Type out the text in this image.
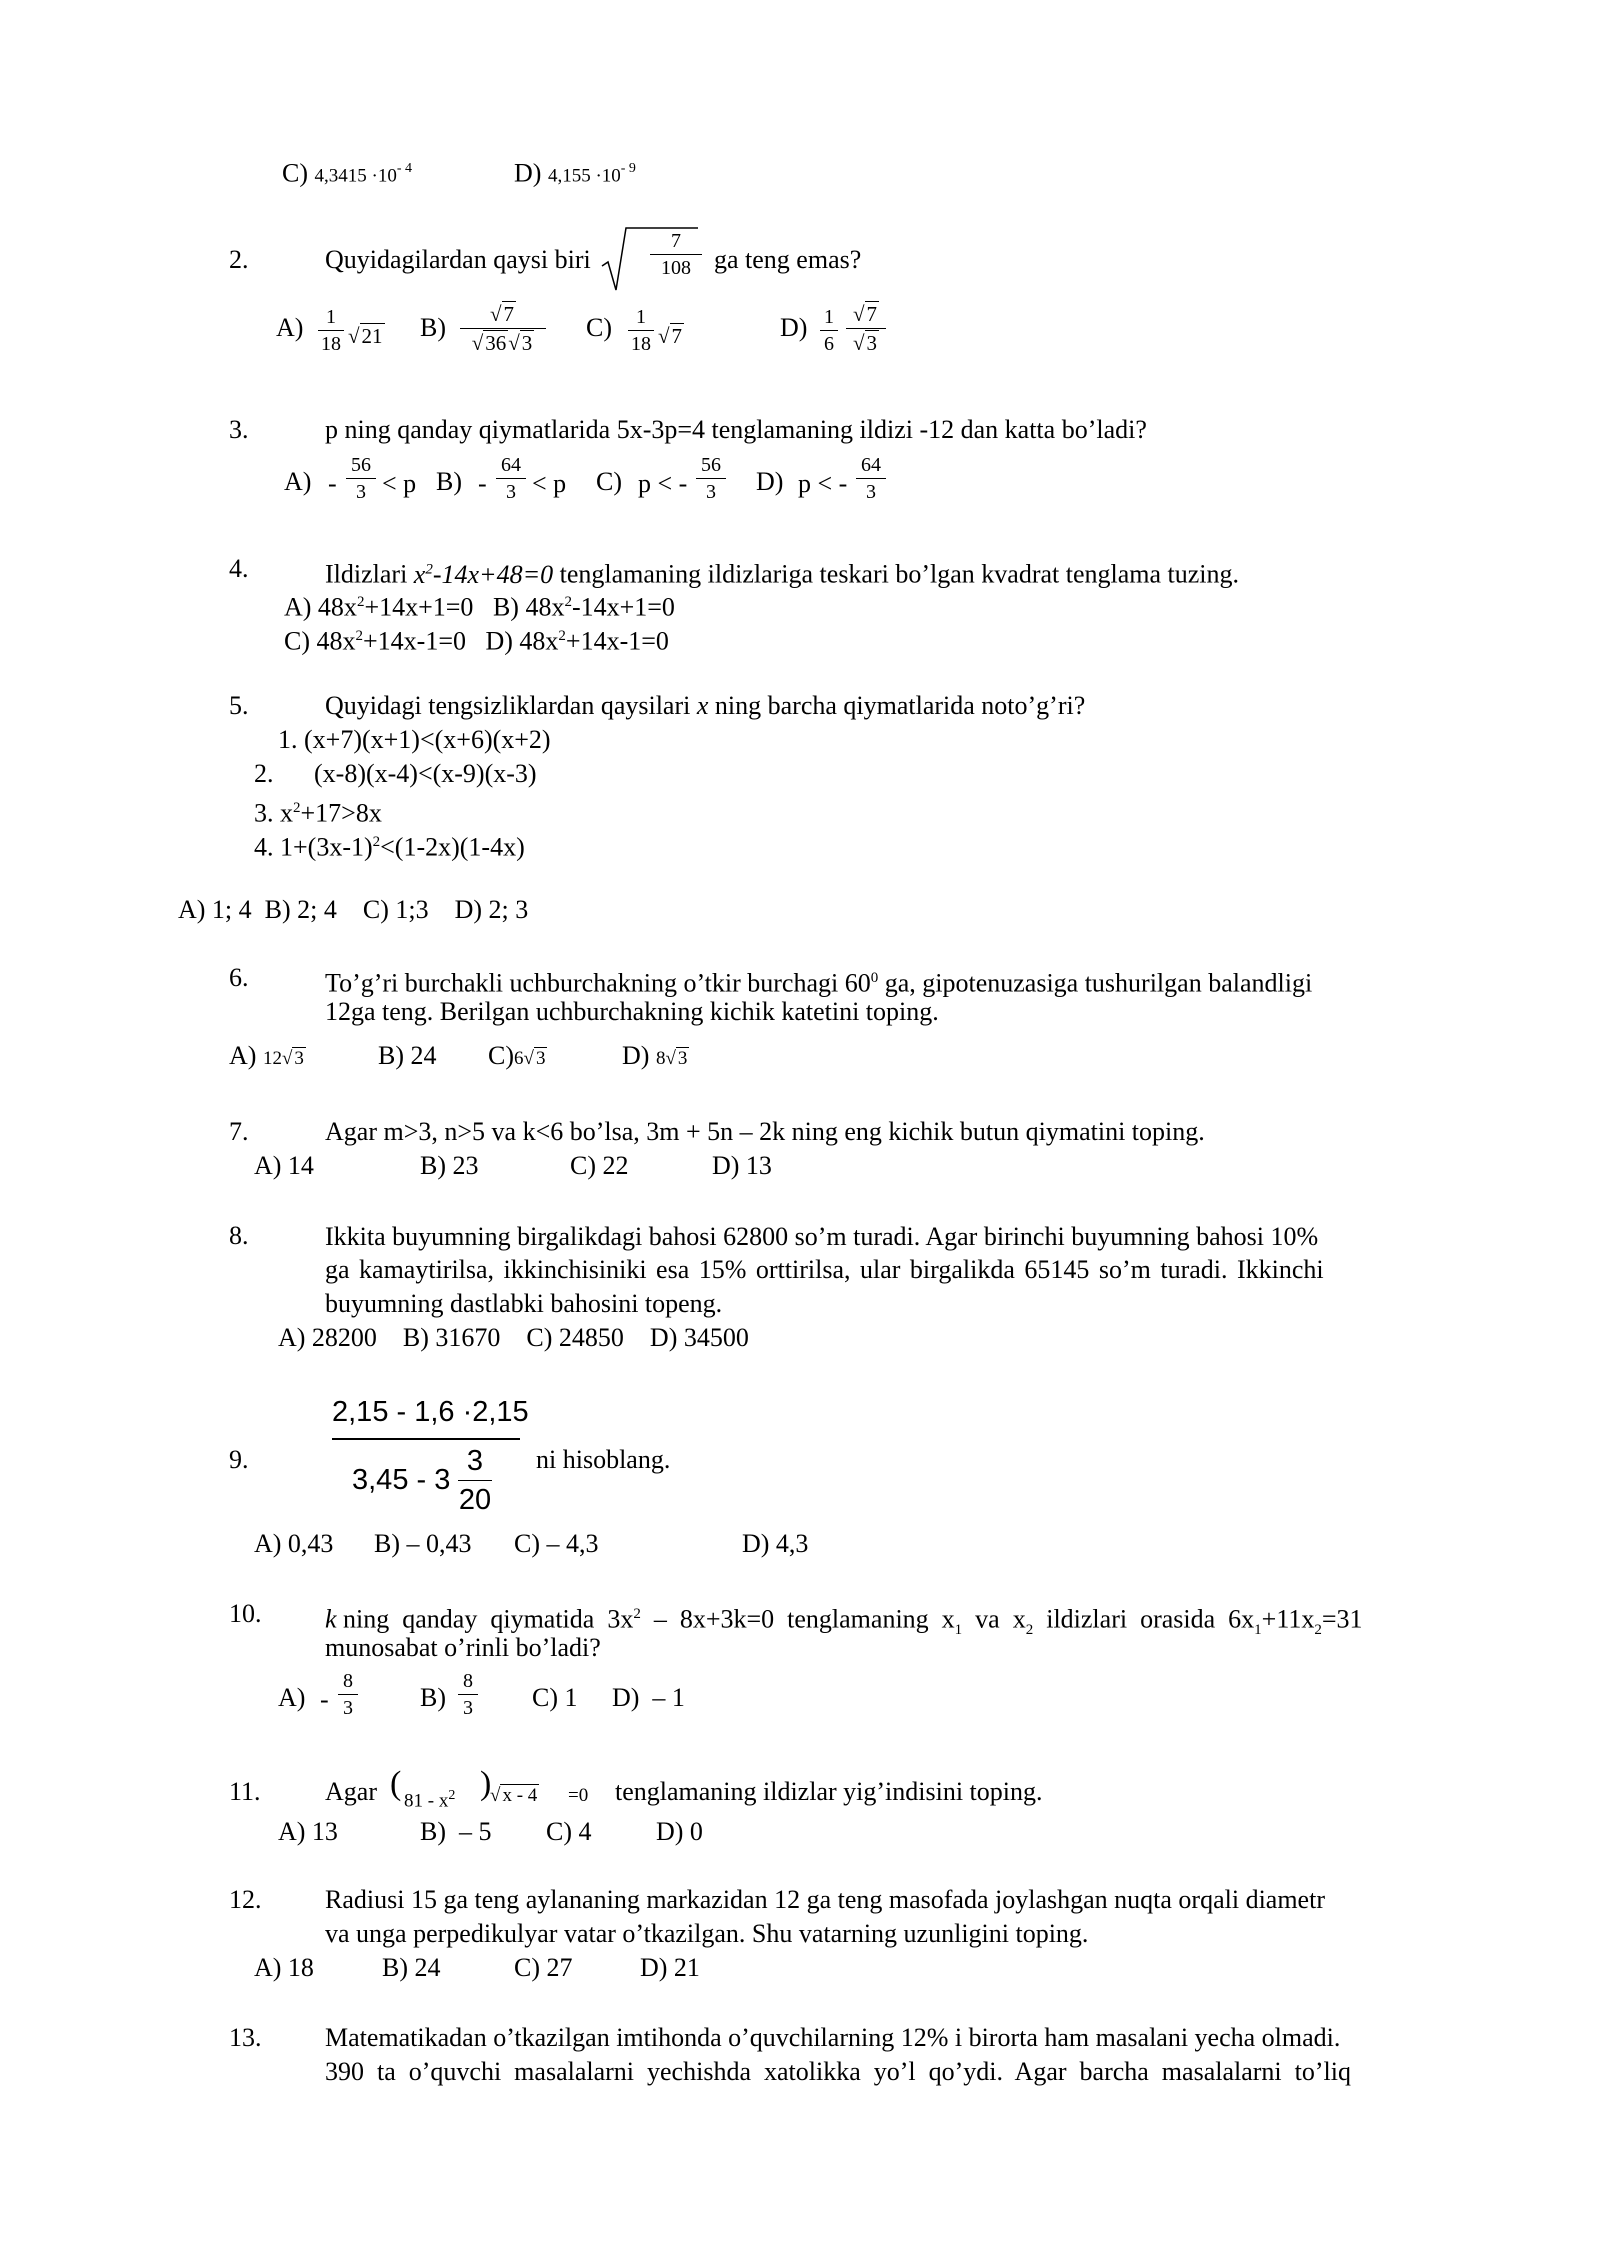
C) $4,3415 \cdot 10^{- 4}$	D) $4,155 \cdot 10^{- 9}$
2.	Quyidagilardan qaysi biri
7
108 ga teng emas?
A)	1
18 √21 B)	√7
√36√3
C)	1
18 √7	D) 1
6
√7
√3
3.	p ning qanday qiymatlarida 5x-3p=4 tenglamaning ildizi -12 dan katta bo’ladi?
A) -
56
3 < p B) -
64
3 < p C) p < -
56
3	D) p < -
64
3
4.	Ildizlari $x^2-14x+48=0$ tenglamaning ildizlariga teskari bo’lgan kvadrat tenglama tuzing.
A) $48x^2+14x+1=0$ B) $48x^2-14x+1=0$
C) $48x^2+14x-1=0$ D) $48x^2+14x-1=0$
5.	Quyidagi tengsizliklardan qaysilari x ning barcha qiymatlarida noto’g’ri?
1. (x+7)(x+1)<(x+6)(x+2)
2. (x-8)(x-4)<(x-9)(x-3)
3. $x^2+17>8x$
4. $1+(3x-1)^2<(1-2x)(1-4x)$
A) 1; 4  B) 2; 4    C) 1;3    D) 2; 3
6.	To’g’ri burchakli uchburchakning o’tkir burchagi $60^0$ ga, gipotenuzasiga tushurilgan balandligi
12ga teng. Berilgan uchburchakning kichik katetini toping.
A) 12√ 3	B) 24 C)6√ 3	D) 8√ 3
7.	Agar m>3, n>5 va k<6 bo’lsa, 3m + 5n – 2k ning eng kichik butun qiymatini toping.
A) 14	B) 23	C) 22	D) 13
8.	Ikkita buyumning birgalikdagi bahosi 62800 so’m turadi. Agar birinchi buyumning bahosi 10%
ga kamaytirilsa, ikkinchisiniki esa 15% orttirilsa, ular birgalikda 65145 so’m turadi. Ikkinchi
buyumning dastlabki bahosini topeng.
A) 28200    B) 31670    C) 24850    D) 34500
9.
2,15 - 1,6 ·2,15
3,45 - 3
3
20
ni hisoblang.
A) 0,43 B) – 0,43 C) – 4,3	D) 4,3
10. k ning  qanday  qiymatida  $3x^2 - 8x+3k=0$  tenglamaning  $x_1$  va  $x_2$  ildizlari  orasida  $6x_1+11x_2=31$
munosabat o’rinli bo’ladi?
A) -
8
3	B)
8
3 C) 1 D)  – 1
11. Agar ( $81 - x^2$ )
√ x - 4 =0 tenglamaning ildizlar yig’indisini toping.
A) 13	B)  – 5 C) 4 D) 0
12. Radiusi 15 ga teng aylananing markazidan 12 ga teng masofada joylashgan nuqta orqali diametr
va unga perpedikulyar vatar o’tkazilgan. Shu vatarning uzunligini toping.
A) 18	B) 24	C) 27	D) 21
13. Matematikadan o’tkazilgan imtihonda o’quvchilarning 12% i birorta ham masalani yecha olmadi.
390  ta  o’quvchi  masalalarni  yechishda  xatolikka  yo’l  qo’ydi.  Agar  barcha  masalalarni  to’liq
